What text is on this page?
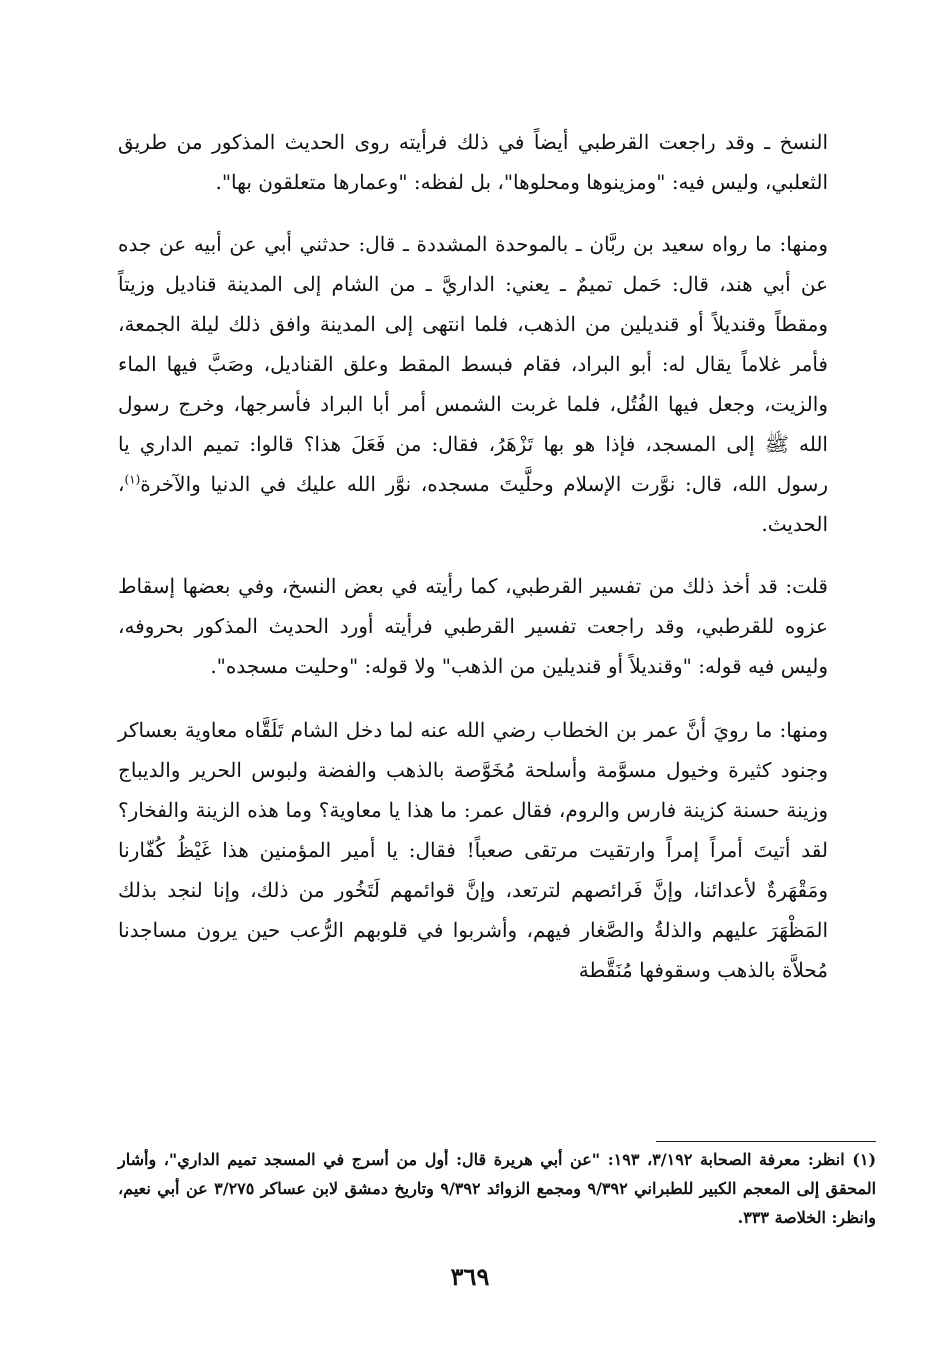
النسخ ـ وقد راجعت القرطبي أيضاً في ذلك فرأيته روى الحديث المذكور من طريق الثعلبي، وليس فيه: "ومزينوها ومحلوها"، بل لفظه: "وعمارها متعلقون بها".

ومنها: ما رواه سعيد بن ربَّان ـ بالموحدة المشددة ـ قال: حدثني أبي عن أبيه عن جده عن أبي هند، قال: حَمل تميمٌ ـ يعني: الداريَّ ـ من الشام إلى المدينة قناديل وزيتاً ومقطاً وقنديلاً أو قنديلين من الذهب، فلما انتهى إلى المدينة وافق ذلك ليلة الجمعة، فأمر غلاماً يقال له: أبو البراد، فقام فبسط المقط وعلق القناديل، وصَبَّ فيها الماء والزيت، وجعل فيها الفُتُل، فلما غربت الشمس أمر أبا البراد فأسرجها، وخرج رسول الله ﷺ إلى المسجد، فإذا هو بها تَزْهَرُ، فقال: من فَعَلَ هذا؟ قالوا: تميم الداري يا رسول الله، قال: نوَّرت الإسلام وحلَّيتَ مسجده، نوَّر الله عليك في الدنيا والآخرة$^{(١)}$، الحديث.

قلت: قد أخذ ذلك من تفسير القرطبي، كما رأيته في بعض النسخ، وفي بعضها إسقاط عزوه للقرطبي، وقد راجعت تفسير القرطبي فرأيته أورد الحديث المذكور بحروفه، وليس فيه قوله: "وقنديلاً أو قنديلين من الذهب" ولا قوله: "وحليت مسجده".

ومنها: ما رويَ أنَّ عمر بن الخطاب رضي الله عنه لما دخل الشام تَلَقَّاه معاوية بعساكر وجنود كثيرة وخيول مسوَّمة وأسلحة مُخَوَّصة بالذهب والفضة ولبوس الحرير والديباج وزينة حسنة كزينة فارس والروم، فقال عمر: ما هذا يا معاوية؟ وما هذه الزينة والفخار؟ لقد أتيتَ أمراً إمراً وارتقيت مرتقى صعباً! فقال: يا أمير المؤمنين هذا غَيْظُ كُفّارنا ومَقْهَرةٌ لأعدائنا، وإنَّ فَرائصهم لترتعد، وإنَّ قوائمهم لَتَخُور من ذلك، وإنا لنجد بذلك المَظْهَرَ عليهم والذلةُ والصَّغار فيهم، وأشربوا في قلوبهم الرُّعب حين يرون مساجدنا مُحلاَّة بالذهب وسقوفها مُنَقَّطة

(١) انظر: معرفة الصحابة ٣/١٩٢، ١٩٣: "عن أبي هريرة قال: أول من أسرج في المسجد تميم الداري"، وأشار المحقق إلى المعجم الكبير للطبراني ٩/٣٩٢ ومجمع الزوائد ٩/٣٩٢ وتاريخ دمشق لابن عساكر ٣/٢٧٥ عن أبي نعيم، وانظر: الخلاصة ٣٣٣.

٣٦٩
